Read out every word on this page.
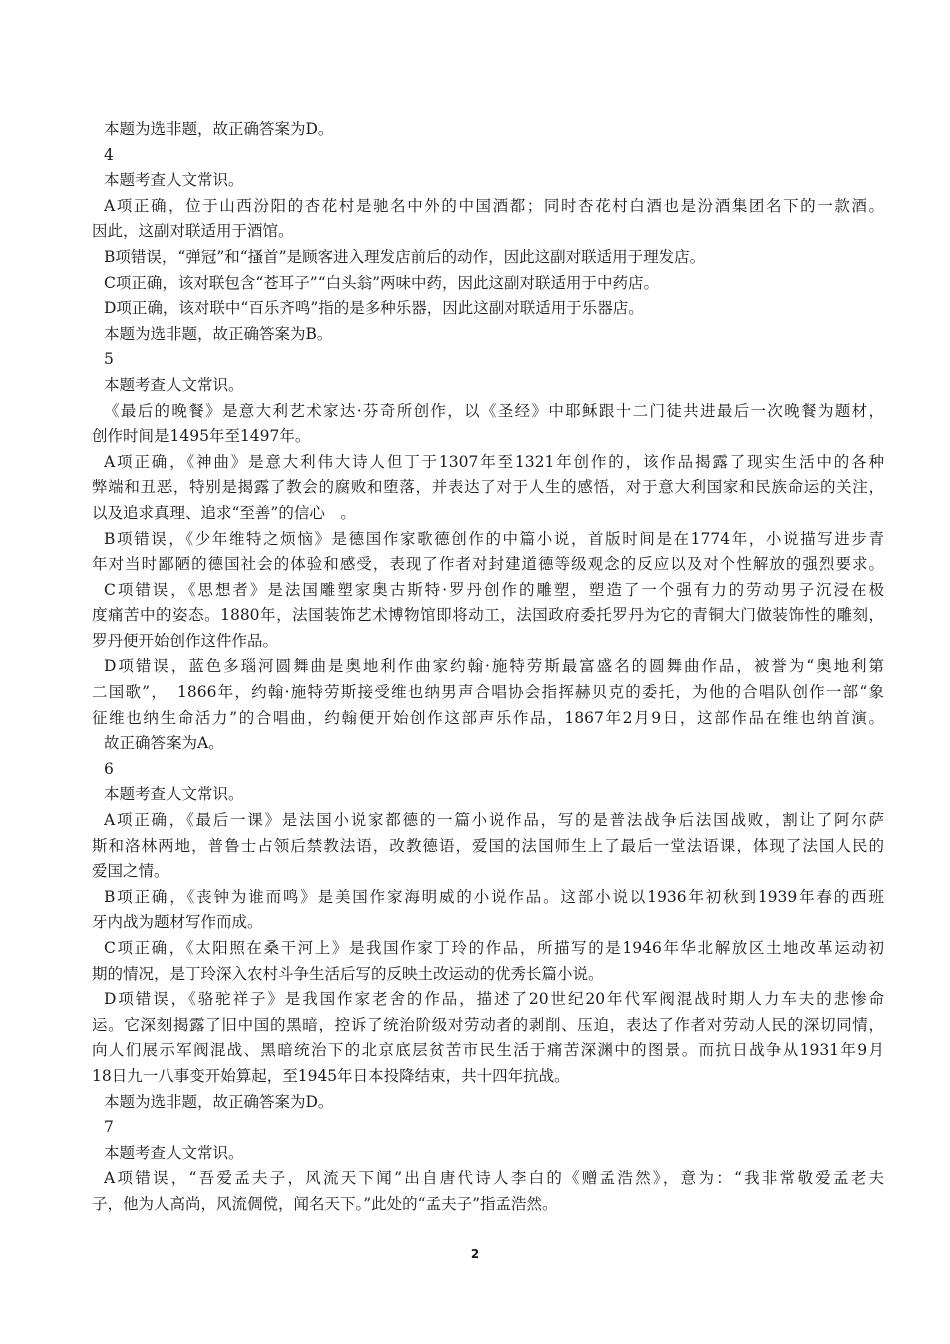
本题为选非题，故正确答案为D。
4
本题考查人文常识。
A项正确，位于山西汾阳的杏花村是驰名中外的中国酒都；同时杏花村白酒也是汾酒集团名下的一款酒。
因此，这副对联适用于酒馆。
B项错误，“弹冠”和“搔首”是顾客进入理发店前后的动作，因此这副对联适用于理发店。
C项正确，该对联包含“苍耳子”“白头翁”两味中药，因此这副对联适用于中药店。
D项正确，该对联中“百乐齐鸣”指的是多种乐器，因此这副对联适用于乐器店。
本题为选非题，故正确答案为B。
5
本题考查人文常识。
《最后的晚餐》是意大利艺术家达·芬奇所创作，以《圣经》中耶稣跟十二门徒共进最后一次晚餐为题材，
创作时间是1495年至1497年。
A项正确，《神曲》是意大利伟大诗人但丁于1307年至1321年创作的，该作品揭露了现实生活中的各种
弊端和丑恶，特别是揭露了教会的腐败和堕落，并表达了对于人生的感悟，对于意大利国家和民族命运的关注，
以及追求真理、追求“至善”的信心　。
B项错误，《少年维特之烦恼》是德国作家歌德创作的中篇小说，首版时间是在1774年，小说描写进步青
年对当时鄙陋的德国社会的体验和感受，表现了作者对封建道德等级观念的反应以及对个性解放的强烈要求。
C项错误，《思想者》是法国雕塑家奥古斯特·罗丹创作的雕塑，塑造了一个强有力的劳动男子沉浸在极
度痛苦中的姿态。1880年，法国装饰艺术博物馆即将动工，法国政府委托罗丹为它的青铜大门做装饰性的雕刻，
罗丹便开始创作这件作品。
D项错误，蓝色多瑙河圆舞曲是奥地利作曲家约翰·施特劳斯最富盛名的圆舞曲作品，被誉为“奥地利第
二国歌”，　1866年，约翰·施特劳斯接受维也纳男声合唱协会指挥赫贝克的委托，为他的合唱队创作一部“象
征维也纳生命活力”的合唱曲，约翰便开始创作这部声乐作品，1867年2月9日，这部作品在维也纳首演。
故正确答案为A。
6
本题考查人文常识。
A项正确，《最后一课》是法国小说家都德的一篇小说作品，写的是普法战争后法国战败，割让了阿尔萨
斯和洛林两地，普鲁士占领后禁教法语，改教德语，爱国的法国师生上了最后一堂法语课，体现了法国人民的
爱国之情。
B项正确，《丧钟为谁而鸣》是美国作家海明威的小说作品。这部小说以1936年初秋到1939年春的西班
牙内战为题材写作而成。
C项正确，《太阳照在桑干河上》是我国作家丁玲的作品，所描写的是1946年华北解放区土地改革运动初
期的情况，是丁玲深入农村斗争生活后写的反映土改运动的优秀长篇小说。
D项错误，《骆驼祥子》是我国作家老舍的作品，描述了20世纪20年代军阀混战时期人力车夫的悲惨命
运。它深刻揭露了旧中国的黑暗，控诉了统治阶级对劳动者的剥削、压迫，表达了作者对劳动人民的深切同情，
向人们展示军阀混战、黑暗统治下的北京底层贫苦市民生活于痛苦深渊中的图景。而抗日战争从1931年9月
18日九一八事变开始算起，至1945年日本投降结束，共十四年抗战。
本题为选非题，故正确答案为D。
7
本题考查人文常识。
A项错误，“吾爱孟夫子，风流天下闻”出自唐代诗人李白的《赠孟浩然》，意为：“我非常敬爱孟老夫
子，他为人高尚，风流倜傥，闻名天下。”此处的“孟夫子”指孟浩然。
2
